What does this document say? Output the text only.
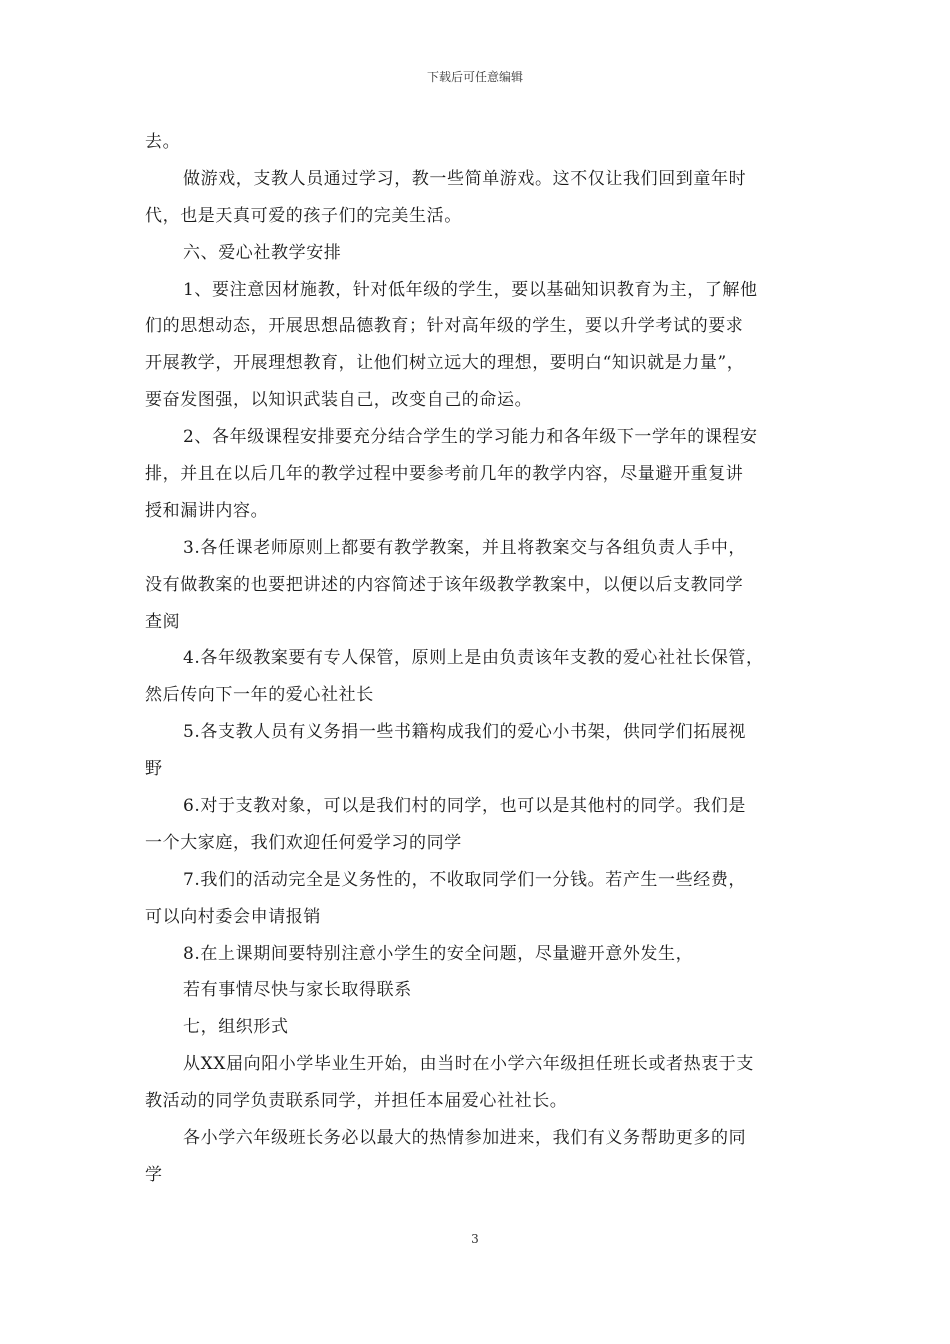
下载后可任意编辑
去。
做游戏，支教人员通过学习，教一些简单游戏。这不仅让我们回到童年时
代，也是天真可爱的孩子们的完美生活。
六、爱心社教学安排
1、要注意因材施教，针对低年级的学生，要以基础知识教育为主，了解他
们的思想动态，开展思想品德教育；针对高年级的学生，要以升学考试的要求
开展教学，开展理想教育，让他们树立远大的理想，要明白“知识就是力量”，
要奋发图强，以知识武装自己，改变自己的命运。
2、各年级课程安排要充分结合学生的学习能力和各年级下一学年的课程安
排，并且在以后几年的教学过程中要参考前几年的教学内容，尽量避开重复讲
授和漏讲内容。
3.各任课老师原则上都要有教学教案，并且将教案交与各组负责人手中，
没有做教案的也要把讲述的内容简述于该年级教学教案中，以便以后支教同学
查阅
4.各年级教案要有专人保管，原则上是由负责该年支教的爱心社社长保管，
然后传向下一年的爱心社社长
5.各支教人员有义务捐一些书籍构成我们的爱心小书架，供同学们拓展视
野
6.对于支教对象，可以是我们村的同学，也可以是其他村的同学。我们是
一个大家庭，我们欢迎任何爱学习的同学
7.我们的活动完全是义务性的，不收取同学们一分钱。若产生一些经费，
可以向村委会申请报销
8.在上课期间要特别注意小学生的安全问题，尽量避开意外发生，
若有事情尽快与家长取得联系
七，组织形式
从XX届向阳小学毕业生开始，由当时在小学六年级担任班长或者热衷于支
教活动的同学负责联系同学，并担任本届爱心社社长。
各小学六年级班长务必以最大的热情参加进来，我们有义务帮助更多的同
学
3
